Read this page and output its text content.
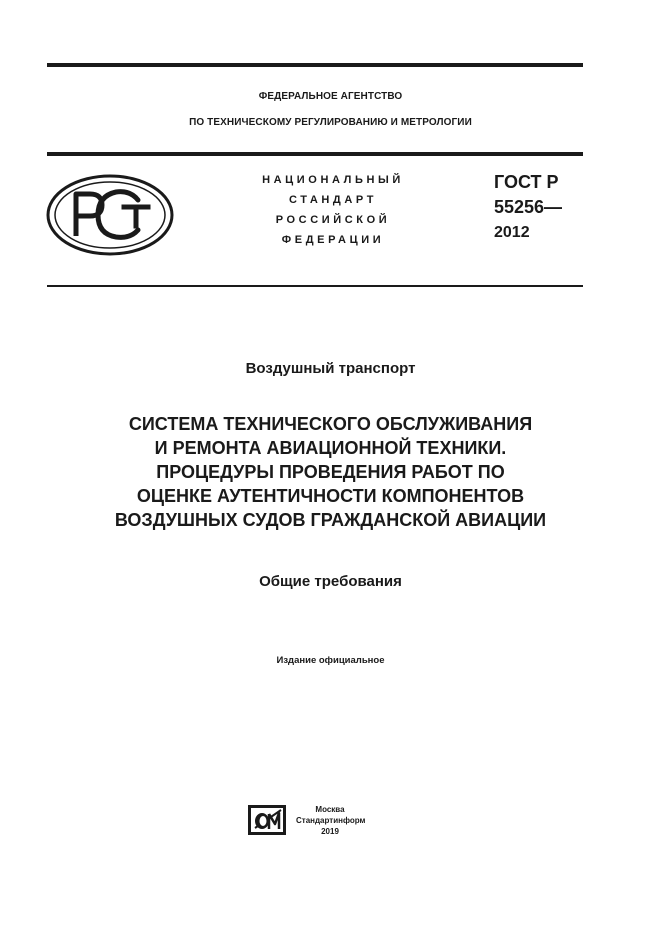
ФЕДЕРАЛЬНОЕ АГЕНТСТВО
ПО ТЕХНИЧЕСКОМУ РЕГУЛИРОВАНИЮ И МЕТРОЛОГИИ
НАЦИОНАЛЬНЫЙ
СТАНДАРТ
РОССИЙСКОЙ
ФЕДЕРАЦИИ
ГОСТ Р
55256—
2012
Воздушный транспорт
СИСТЕМА ТЕХНИЧЕСКОГО ОБСЛУЖИВАНИЯ
И РЕМОНТА АВИАЦИОННОЙ ТЕХНИКИ.
ПРОЦЕДУРЫ ПРОВЕДЕНИЯ РАБОТ ПО
ОЦЕНКЕ АУТЕНТИЧНОСТИ КОМПОНЕНТОВ
ВОЗДУШНЫХ СУДОВ ГРАЖДАНСКОЙ АВИАЦИИ
Общие требования
Издание официальное
Москва
Стандартинформ
2019
